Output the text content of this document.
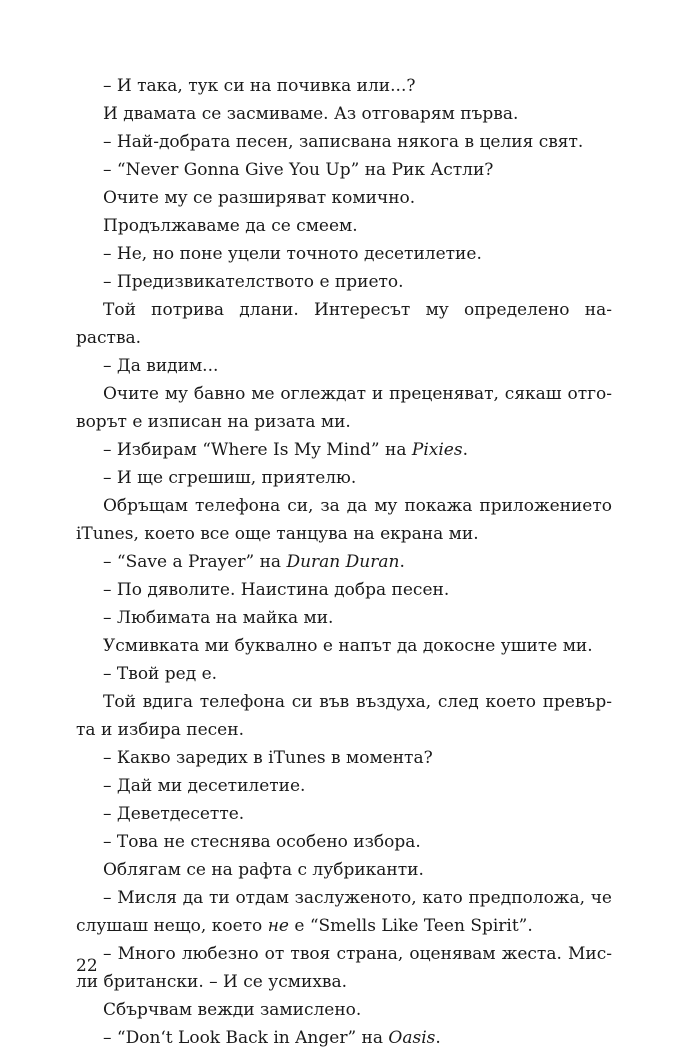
– И така, тук си на почивка или...?

И двамата се засмиваме. Аз отговарям първа.

– Най-добрата песен, записвана някога в целия свят.

– “Never Gonna Give You Up” на Рик Астли?

Очите му се разширяват комично.

Продължаваме да се смеем.

– Не, но поне уцели точното десетилетие.

– Предизвикателството е прието.

Той потрива длани. Интересът му определено нараства.

– Да видим...

Очите му бавно ме оглеждат и преценяват, сякаш отговорът е изписан на ризата ми.

– Избирам “Where Is My Mind” на Pixies.

– И ще сгрешиш, приятелю.

Обръщам телефона си, за да му покажа приложението iTunes, което все още танцува на екрана ми.

– “Save a Prayer” на Duran Duran.

– По дяволите. Наистина добра песен.

– Любимата на майка ми.

Усмивката ми буквално е напът да докосне ушите ми.

– Твой ред е.

Той вдига телефона си във въздуха, след което превърта и избира песен.

– Какво заредих в iTunes в момента?

– Дай ми десетилетие.

– Деветдесетте.

– Това не стеснява особено избора.

Облягам се на рафта с лубриканти.

– Мисля да ти отдам заслуженото, като предположа, че слушаш нещо, което не е “Smells Like Teen Spirit”.

– Много любезно от твоя страна, оценявам жеста. Мисли британски. – И се усмихва.

Сбърчвам вежди замислено.

– “Don‘t Look Back in Anger” на Oasis.

22
